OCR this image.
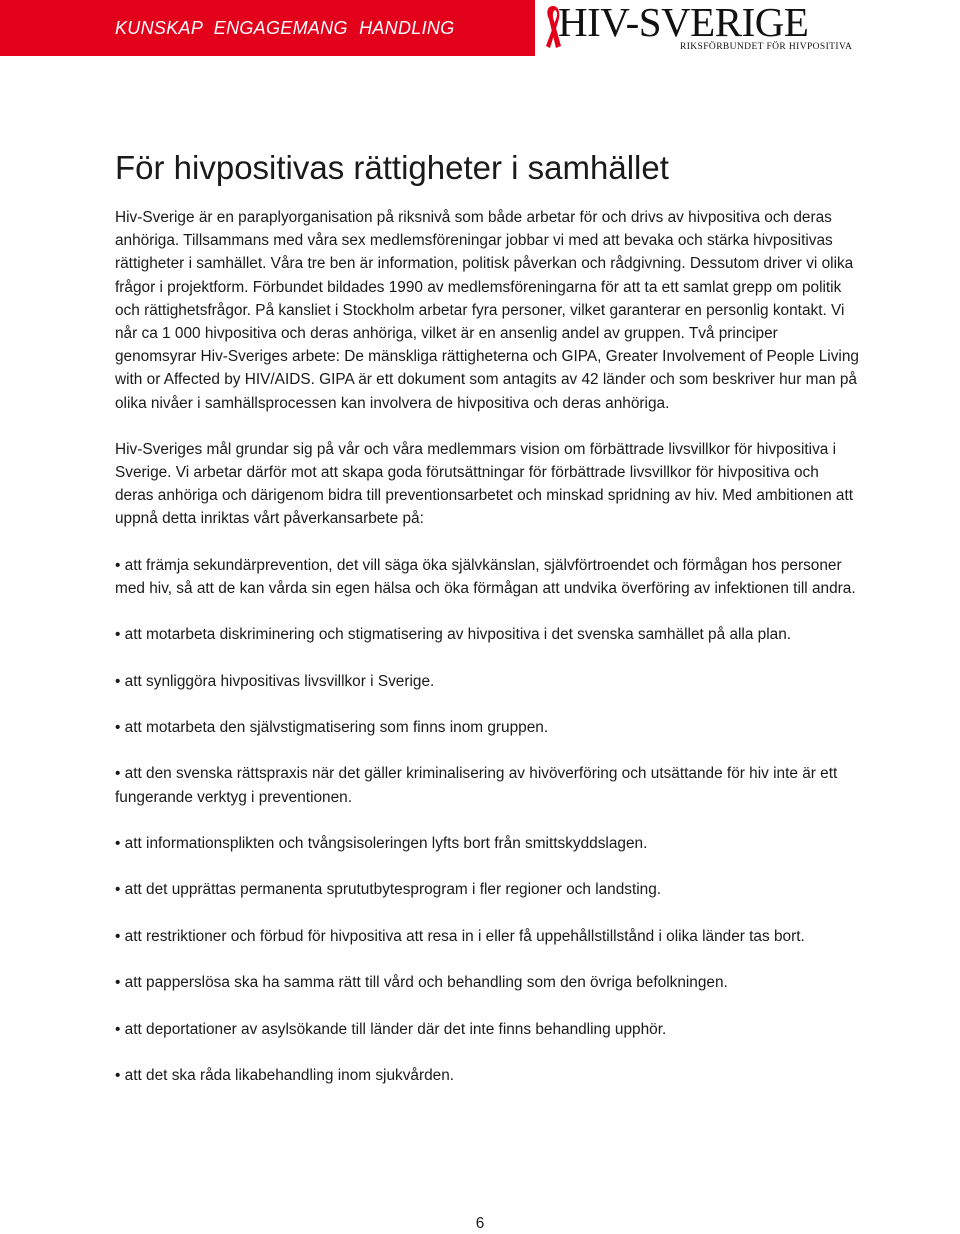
KUNSKAP ENGAGEMANG HANDLING	HIV-SVERIGE
RIKSFÖRBUNDET FÖR HIVPOSITIVA
För hivpositivas rättigheter i samhället

Hiv-Sverige är en paraplyorganisation på riksnivå som både arbetar för och drivs av hivpositiva och deras anhöriga. Tillsammans med våra sex medlemsföreningar jobbar vi med att bevaka och stärka hivpositivas rättigheter i samhället. Våra tre ben är information, politisk påverkan och rådgivning. Dessutom driver vi olika frågor i projektform. Förbundet bildades 1990 av medlemsföreningarna för att ta ett samlat grepp om politik och rättighetsfrågor. På kansliet i Stockholm arbetar fyra personer, vilket garanterar en personlig kontakt. Vi når ca 1 000 hivpositiva och deras anhöriga, vilket är en ansenlig andel av gruppen. Två principer genomsyrar Hiv-Sveriges arbete: De mänskliga rättigheterna och GIPA, Greater Involvement of People Living with or Affected by HIV/AIDS. GIPA är ett dokument som antagits av 42 länder och som beskriver hur man på olika nivåer i samhällsprocessen kan involvera de hivpositiva och deras anhöriga.

Hiv-Sveriges mål grundar sig på vår och våra medlemmars vision om förbättrade livsvillkor för hivpositiva i Sverige. Vi arbetar därför mot att skapa goda förutsättningar för förbättrade livsvillkor för hivpositiva och deras anhöriga och därigenom bidra till preventionsarbetet och minskad spridning av hiv. Med ambitionen att uppnå detta inriktas vårt påverkansarbete på:

• att främja sekundärprevention, det vill säga öka självkänslan, självförtroendet och förmågan hos personer med hiv, så att de kan vårda sin egen hälsa och öka förmågan att undvika överföring av infektionen till andra.
• att motarbeta diskriminering och stigmatisering av hivpositiva i det svenska samhället på alla plan.
• att synliggöra hivpositivas livsvillkor i Sverige.
• att motarbeta den självstigmatisering som finns inom gruppen.
• att den svenska rättspraxis när det gäller kriminalisering av hivöverföring och utsättande för hiv inte är ett fungerande verktyg i preventionen.
• att informationsplikten och tvångsisoleringen lyfts bort från smittskyddslagen.
• att det upprättas permanenta sprututbytesprogram i fler regioner och landsting.
• att restriktioner och förbud för hivpositiva att resa in i eller få uppehållstillstånd i olika länder tas bort.
• att papperslösa ska ha samma rätt till vård och behandling som den övriga befolkningen.
• att deportationer av asylsökande till länder där det inte finns behandling upphör.
• att det ska råda likabehandling inom sjukvården.
6
